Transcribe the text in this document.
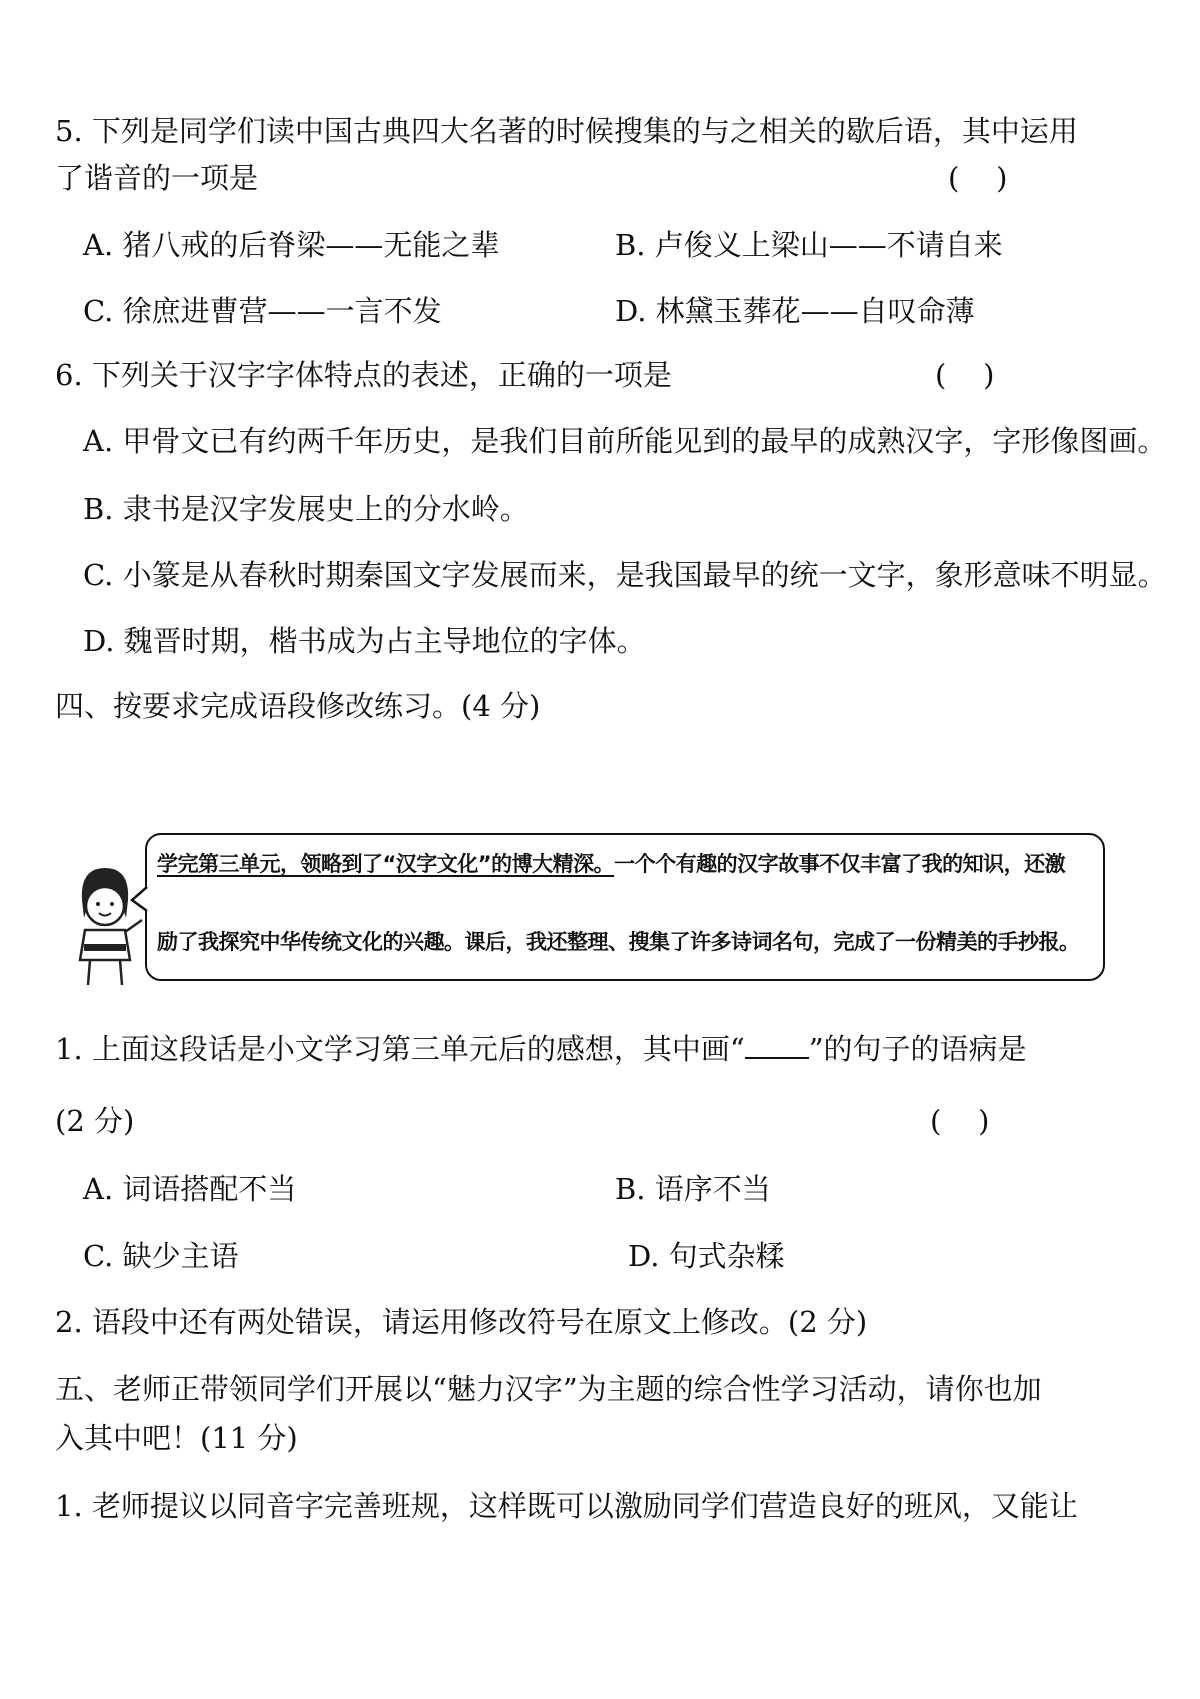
5. 下列是同学们读中国古典四大名著的时候搜集的与之相关的歇后语，其中运用
了谐音的一项是	(    )
A. 猪八戒的后脊梁——无能之辈	B. 卢俊义上梁山——不请自来
C. 徐庶进曹营——一言不发	D. 林黛玉葬花——自叹命薄
6. 下列关于汉字字体特点的表述，正确的一项是	(    )
A. 甲骨文已有约两千年历史，是我们目前所能见到的最早的成熟汉字，字形像图画。
B. 隶书是汉字发展史上的分水岭。
C. 小篆是从春秋时期秦国文字发展而来，是我国最早的统一文字，象形意味不明显。
D. 魏晋时期，楷书成为占主导地位的字体。
四、按要求完成语段修改练习。(4 分)
学完第三单元，领略到了“汉字文化”的博大精深。一个个有趣的汉字故事不仅丰富了我的知识，还激
励了我探究中华传统文化的兴趣。课后，我还整理、搜集了许多诗词名句，完成了一份精美的手抄报。
1. 上面这段话是小文学习第三单元后的感想，其中画“ ”的句子的语病是
(2 分)	(    )
A. 词语搭配不当	B. 语序不当
C. 缺少主语	D. 句式杂糅
2. 语段中还有两处错误，请运用修改符号在原文上修改。(2 分)
五、老师正带领同学们开展以“魅力汉字”为主题的综合性学习活动，请你也加
入其中吧！(11 分)
1. 老师提议以同音字完善班规，这样既可以激励同学们营造良好的班风，又能让
